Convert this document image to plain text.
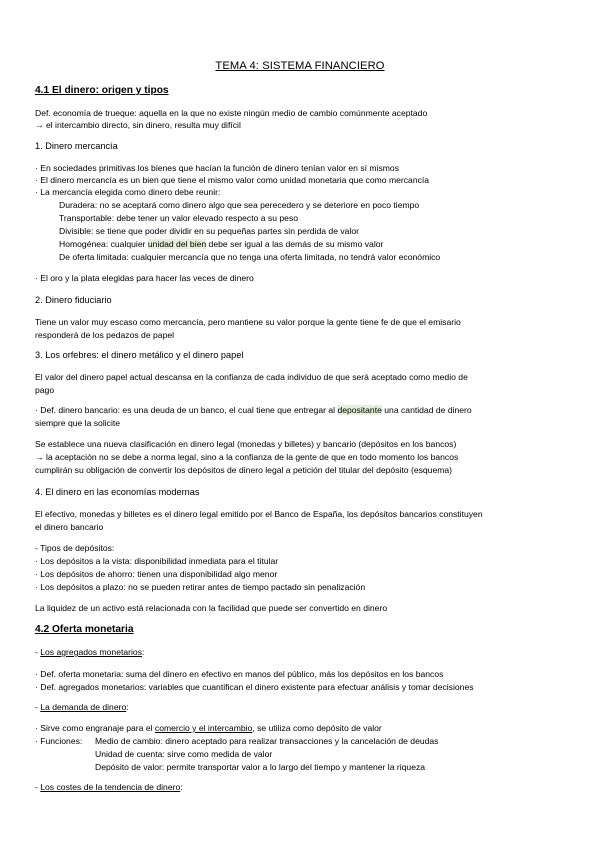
TEMA 4: SISTEMA FINANCIERO
4.1 El dinero: origen y tipos
Def. economía de trueque: aquella en la que no existe ningún medio de cambio comúnmente aceptado
→ el intercambio directo, sin dinero, resulta muy difícil
1. Dinero mercancía
· En sociedades primitivas los bienes que hacían la función de dinero tenían valor en sí mismos
· El dinero mercancía es un bien que tiene el mismo valor como unidad monetaria que como mercancía
· La mercancía elegida como dinero debe reunir:
Duradera: no se aceptará como dinero algo que sea perecedero y se deteriore en poco tiempo
Transportable: debe tener un valor elevado respecto a su peso
Divisible: se tiene que poder dividir en su pequeñas partes sin perdida de valor
Homogénea: cualquier unidad del bien debe ser igual a las demás de su mismo valor
De oferta limitada: cualquier mercancía que no tenga una oferta limitada, no tendrá valor económico
· El oro y la plata elegidas para hacer las veces de dinero
2. Dinero fiduciario
Tiene un valor muy escaso como mercancía, pero mantiene su valor porque la gente tiene fe de que el emisario
responderá de los pedazos de papel
3. Los orfebres: el dinero metálico y el dinero papel
El valor del dinero papel actual descansa en la confianza de cada individuo de que será aceptado como medio de
pago
· Def. dinero bancario: es una deuda de un banco, el cual tiene que entregar al depositante una cantidad de dinero
siempre que la solicite
Se establece una nueva clasificación en dinero legal (monedas y billetes) y bancario (depósitos en los bancos)
→ la aceptación no se debe a norma legal, sino a la confianza de la gente de que en todo momento los bancos
cumplirán su obligación de convertir los depósitos de dinero legal a petición del titular del depósito (esquema)
4. El dinero en las economías modernas
El efectivo, monedas y billetes es el dinero legal emitido por el Banco de España, los depósitos bancarios constituyen
el dinero bancario
- Tipos de depósitos:
· Los depósitos a la vista: disponibilidad inmediata para el titular
· Los depósitos de ahorro: tienen una disponibilidad algo menor
· Los depósitos a plazo: no se pueden retirar antes de tiempo pactado sin penalización
La liquidez de un activo está relacionada con la facilidad que puede ser convertido en dinero
4.2 Oferta monetaria
- Los agregados monetarios:
· Def. oferta monetaria: suma del dinero en efectivo en manos del público, más los depósitos en los bancos
· Def. agregados monetarios: variables que cuantifican el dinero existente para efectuar análisis y tomar decisiones
- La demanda de dinero:
· Sirve como engranaje para el comercio y el intercambio, se utiliza como depósito de valor
· Funciones: Medio de cambio: dinero aceptado para realizar transacciones y la cancelación de deudas
Unidad de cuenta: sirve como medida de valor
Depósito de valor: permite transportar valor a lo largo del tiempo y mantener la riqueza
- Los costes de la tendencia de dinero:
